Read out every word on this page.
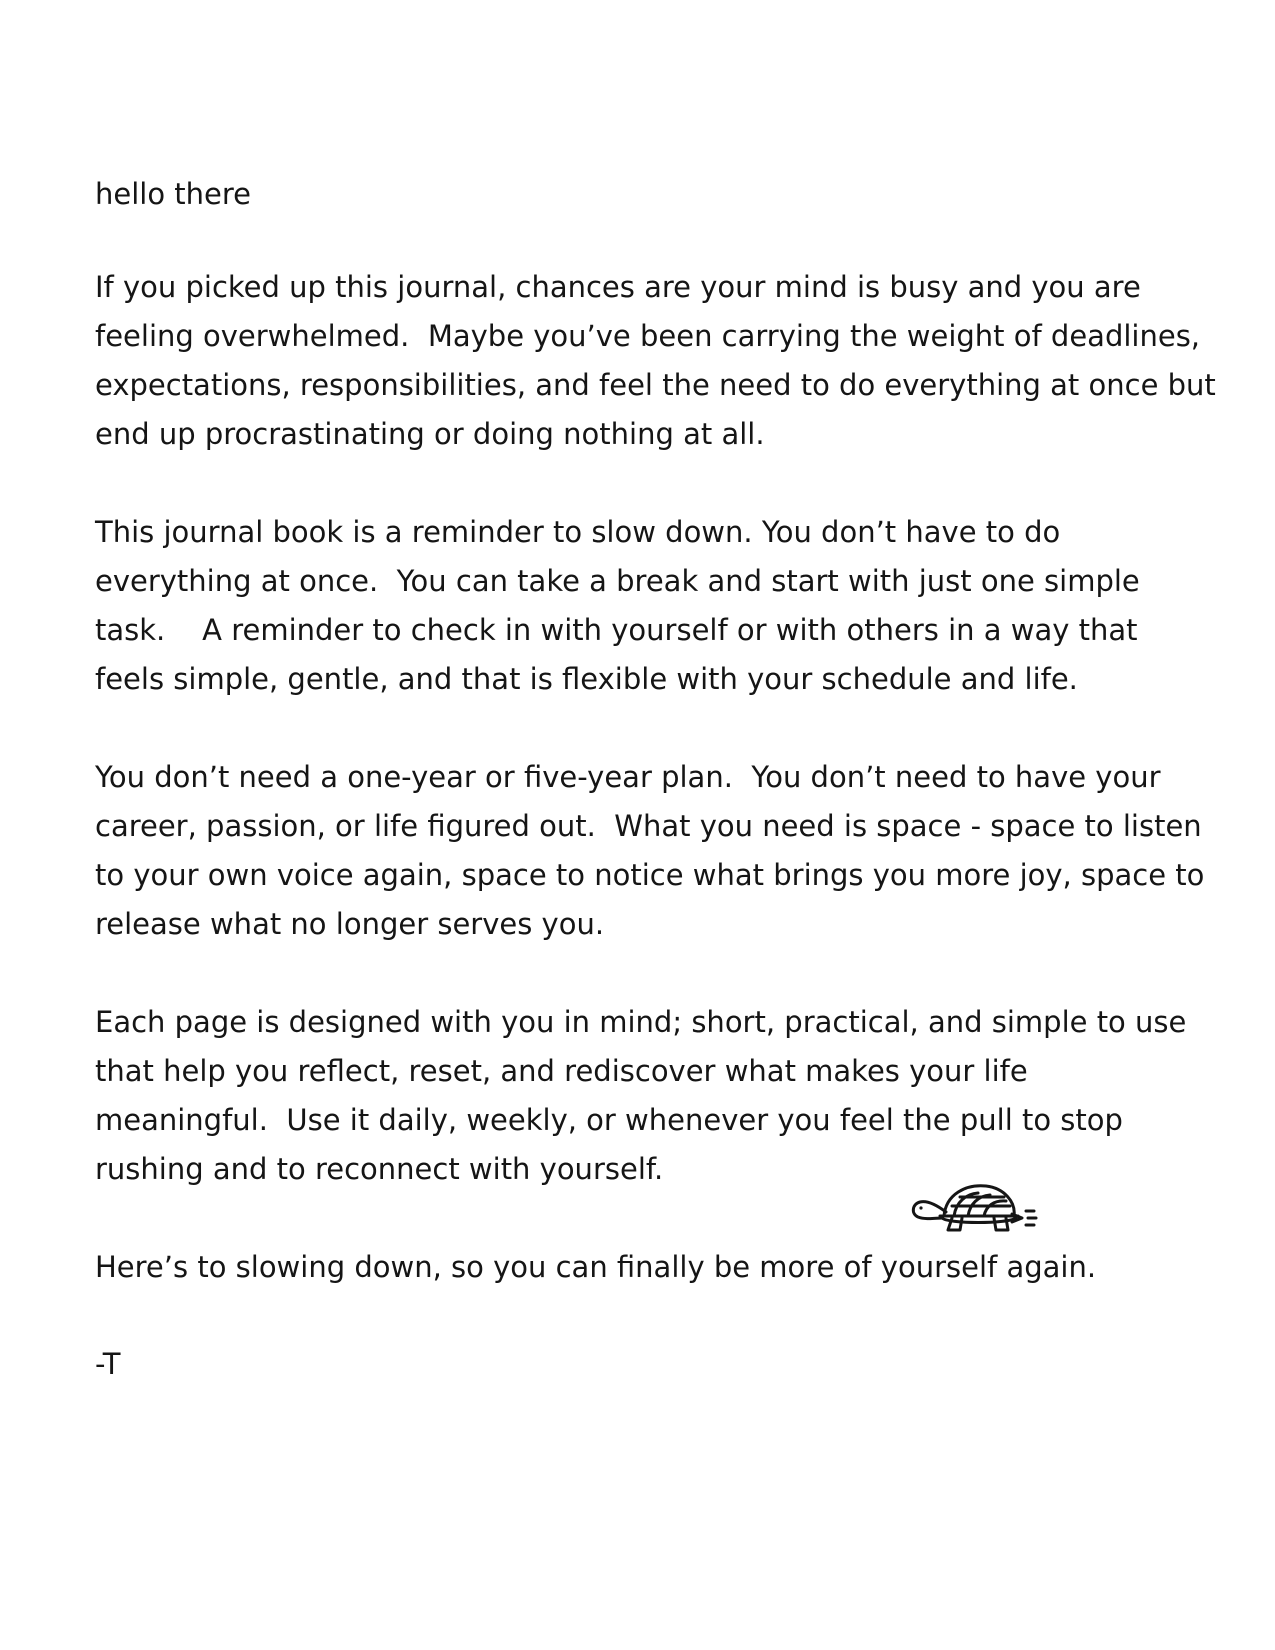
hello there
If you picked up this journal, chances are your mind is busy and you are
feeling overwhelmed.  Maybe you’ve been carrying the weight of deadlines,
expectations, responsibilities, and feel the need to do everything at once but
end up procrastinating or doing nothing at all.
This journal book is a reminder to slow down. You don’t have to do
everything at once.  You can take a break and start with just one simple
task.    A reminder to check in with yourself or with others in a way that
feels simple, gentle, and that is flexible with your schedule and life.
You don’t need a one-year or five-year plan.  You don’t need to have your
career, passion, or life figured out.  What you need is space - space to listen
to your own voice again, space to notice what brings you more joy, space to
release what no longer serves you.
Each page is designed with you in mind; short, practical, and simple to use
that help you reflect, reset, and rediscover what makes your life
meaningful.  Use it daily, weekly, or whenever you feel the pull to stop
rushing and to reconnect with yourself.
Here’s to slowing down, so you can finally be more of yourself again.
-T
